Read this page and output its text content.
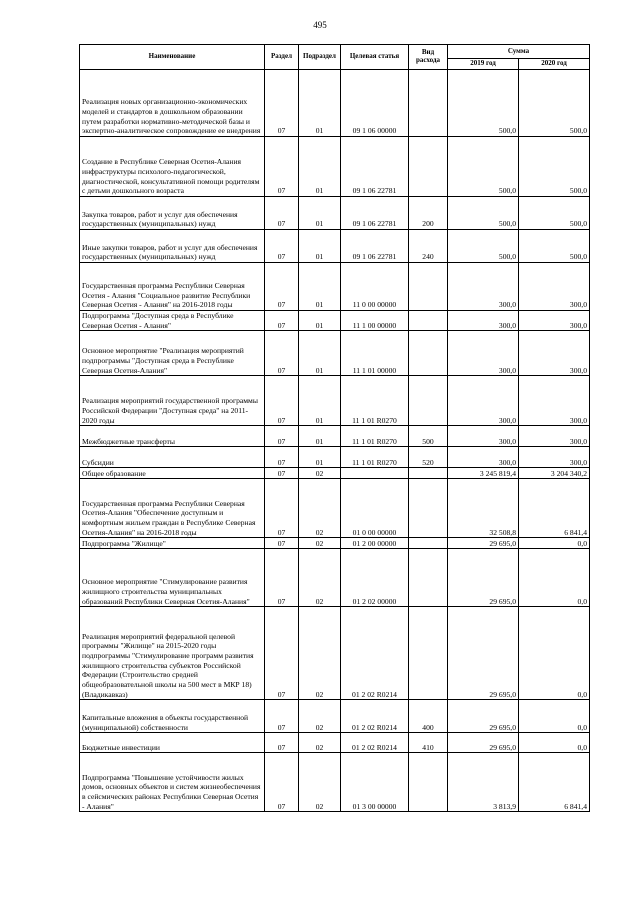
495
Наименование	Раздел	Подраздел	Целевая статья	Вид расхода	Сумма	
					2019 год	2020 год
Реализация новых организационно-экономических моделей и стандартов в дошкольном образовании путем разработки нормативно-методической базы и экспертно-аналитическое сопровождение ее внедрения	07	01	09 1 06 00000		500,0	500,0
Создание в Республике Северная Осетия-Алания инфраструктуры психолого-педагогической, диагностической, консультативной помощи родителям с детьми дошкольного возраста	07	01	09 1 06 22781		500,0	500,0
Закупка товаров, работ и услуг для обеспечения государственных (муниципальных) нужд	07	01	09 1 06 22781	200	500,0	500,0
Иные закупки товаров, работ и услуг для обеспечения государственных (муниципальных) нужд	07	01	09 1 06 22781	240	500,0	500,0
Государственная программа Республики Северная Осетия - Алания "Социальное развитие Республики Северная Осетия - Алания" на 2016-2018 годы	07	01	11 0 00 00000		300,0	300,0
Подпрограмма "Доступная среда в Республике Северная Осетия - Алания"	07	01	11 1 00 00000		300,0	300,0
Основное мероприятие "Реализация мероприятий подпрограммы "Доступная среда в Республике Северная Осетия-Алания"	07	01	11 1 01 00000		300,0	300,0
Реализация мероприятий государственной программы Российской Федерации "Доступная среда" на 2011-2020 годы	07	01	11 1 01 R0270		300,0	300,0
Межбюджетные трансферты	07	01	11 1 01 R0270	500	300,0	300,0
Субсидии	07	01	11 1 01 R0270	520	300,0	300,0
Общее образование	07	02			3 245 819,4	3 204 340,2
Государственная программа Республики Северная Осетия-Алания "Обеспечение доступным и комфортным жильем граждан в Республике Северная Осетия-Алания" на 2016-2018 годы	07	02	01 0 00 00000		32 508,8	6 841,4
Подпрограмма "Жилище"	07	02	01 2 00 00000		29 695,0	0,0
Основное мероприятие "Стимулирование развития жилищного строительства муниципальных образований Республики Северная Осетия-Алания"	07	02	01 2 02 00000		29 695,0	0,0
Реализация мероприятий федеральной целевой программы "Жилище" на 2015-2020 годы подпрограммы "Стимулирование программ развития жилищного строительства субъектов Российской Федерации (Строительство средней общеобразовательной школы на 500 мест в МКР 18) (Владикавказ)	07	02	01 2 02 R0214		29 695,0	0,0
Капитальные вложения в объекты государственной (муниципальной) собственности	07	02	01 2 02 R0214	400	29 695,0	0,0
Бюджетные инвестиции	07	02	01 2 02 R0214	410	29 695,0	0,0
Подпрограмма "Повышение устойчивости жилых домов, основных объектов и систем жизнеобеспечения в сейсмических районах Республики Северная Осетия - Алания"	07	02	01 3 00 00000		3 813,9	6 841,4
